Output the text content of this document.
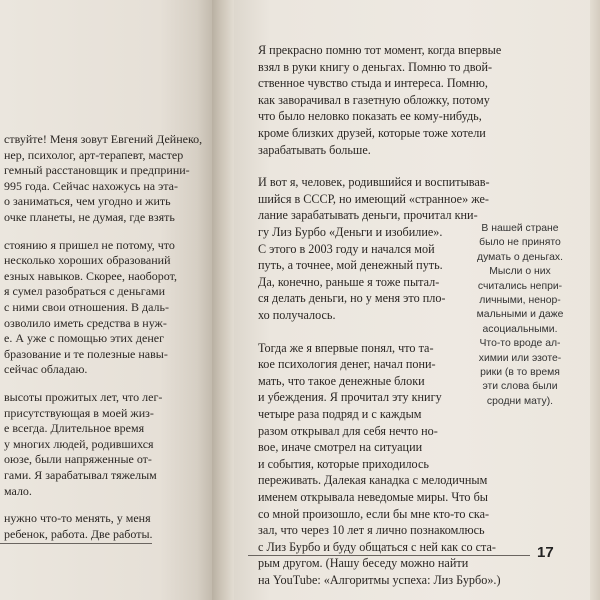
ствуйте! Меня зовут Евгений Дейнеко,
нер, психолог, арт-терапевт, мастер
гемный расстановщик и предприни-
995 года. Сейчас нахожусь на эта-
о заниматься, чем угодно и жить
очке планеты, не думая, где взять
стоянию я пришел не потому, что
несколько хороших образований
езных навыков. Скорее, наоборот,
я сумел разобраться с деньгами
с ними свои отношения. В даль-
озволило иметь средства в нуж-
е. А уже с помощью этих денег
бразование и те полезные навы-
сейчас обладаю.
высоты прожитых лет, что лег-
присутствующая в моей жиз-
е всегда. Длительное время
у многих людей, родившихся
оюзе, были напряженные от-
гами. Я зарабатывал тяжелым
мало.
нужно что-то менять, у меня
ребенок, работа. Две работы.
Я прекрасно помню тот момент, когда впервые
взял в руки книгу о деньгах. Помню то двой-
ственное чувство стыда и интереса. Помню,
как заворачивал в газетную обложку, потому
что было неловко показать ее кому-нибудь,
кроме близких друзей, которые тоже хотели
зарабатывать больше.
И вот я, человек, родившийся и воспитывав-
шийся в СССР, но имеющий «странное» же-
лание зарабатывать деньги, прочитал кни-
гу Лиз Бурбо «Деньги и изобилие».
С этого в 2003 году и начался мой
путь, а точнее, мой денежный путь.
Да, конечно, раньше я тоже пытал-
ся делать деньги, но у меня это пло-
хо получалось.
Тогда же я впервые понял, что та-
кое психология денег, начал пони-
мать, что такое денежные блоки
и убеждения. Я прочитал эту книгу
четыре раза подряд и с каждым
разом открывал для себя нечто но-
вое, иначе смотрел на ситуации
и события, которые приходилось
переживать. Далекая канадка с мелодичным
именем открывала неведомые миры. Что бы
со мной произошло, если бы мне кто-то ска-
зал, что через 10 лет я лично познакомлюсь
с Лиз Бурбо и буду общаться с ней как со ста-
рым другом. (Нашу беседу можно найти
на YouTube: «Алгоритмы успеха: Лиз Бурбо».)
В нашей стране
было не принято
думать о деньгах.
Мысли о них
считались непри-
личными, ненор-
мальными и даже
асоциальными.
Что-то вроде ал-
химии или эзоте-
рики (в то время
эти слова были
сродни мату).
17
